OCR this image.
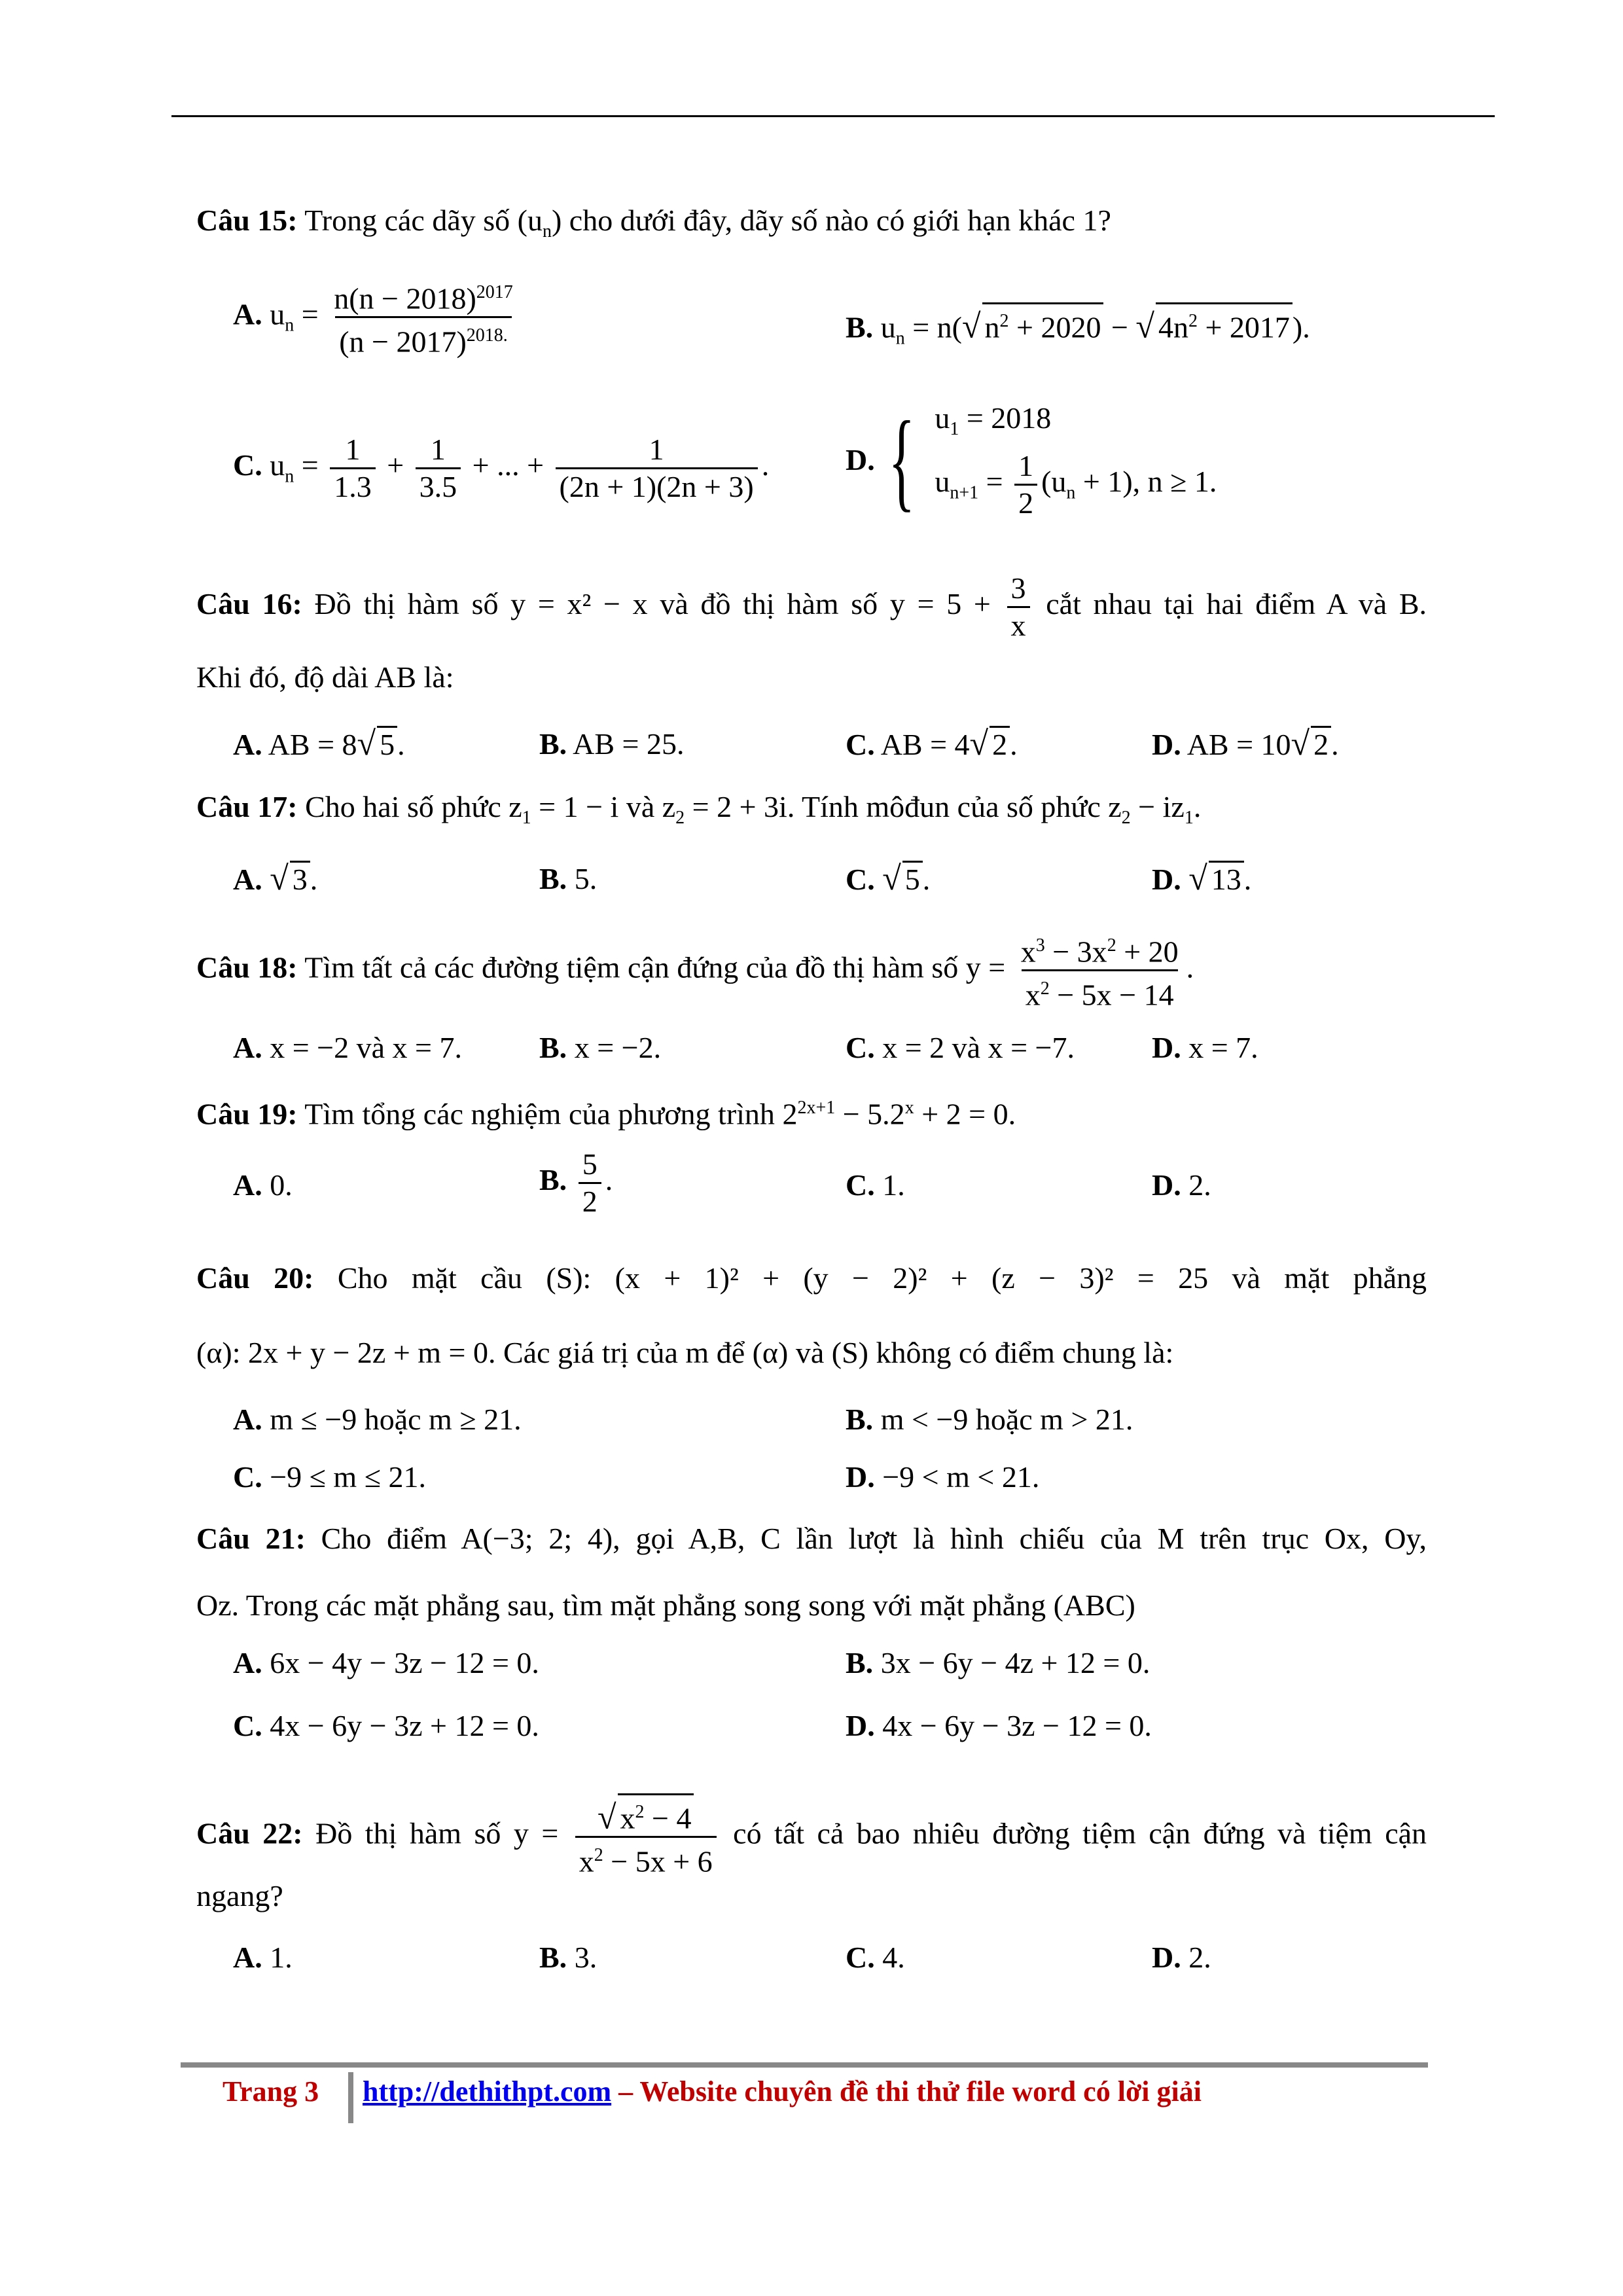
Câu 15: Trong các dãy số $(u_n)$ cho dưới đây, dãy số nào có giới hạn khác 1?
A. $u_n = \frac{n(n - 2018)^{2017}}{(n - 2017)^{2018.}}$	B. $u_n = n(√$ $n^2 + 2020$ − √ $4n^2 + 2017$).
C. $u_n = \frac{1}{1.3} + \frac{1}{3.5}$ + ... + $\frac{1}{(2n + 1)(2n + 3)}$ .	D. { $u_1 = 2018$
$u_{n+1} = \frac{1}{2} (u_n + 1)$, n ≥ 1.
Câu 16: Đồ thị hàm số y = x² − x và đồ thị hàm số $y = 5 + \frac{3}{x}$ cắt nhau tại hai điểm A và B.
Khi đó, độ dài AB là:
A. AB = 8√ 5.	B. AB = 25.	C. AB = 4√ 2.	D. AB = 10√ 2.
Câu 17: Cho hai số phức $z_1 = 1 - i$ và $z_2 = 2 + 3i$. Tính môđun của số phức $z_2 - iz_1$.
A. √ 3.	B. 5.	C. √ 5.	D. √ 13.
Câu 18: Tìm tất cả các đường tiệm cận đứng của đồ thị hàm số $y = \frac{x^3 - 3x^2 + 20}{x^2 - 5x - 14}$ .
A. x = −2 và x = 7.	B. x = −2.	C. x = 2 và x = −7.	D. x = 7.
Câu 19: Tìm tổng các nghiệm của phương trình $2^{2x+1} - 5.2^x + 2 = 0$.
A. 0.	B. $\frac{5}{2}$ .	C. 1.	D. 2.
Câu 20: Cho mặt cầu (S): (x + 1)² + (y − 2)² + (z − 3)² = 25 và mặt phẳng
(α): 2x + y − 2z + m = 0. Các giá trị của m để (α) và (S) không có điểm chung là:
A. m ≤ −9 hoặc m ≥ 21.	B. m < −9 hoặc m > 21.
C. −9 ≤ m ≤ 21.	D. −9 < m < 21.
Câu 21: Cho điểm A(−3; 2; 4), gọi A,B, C lần lượt là hình chiếu của M trên trục Ox, Oy,
Oz. Trong các mặt phẳng sau, tìm mặt phẳng song song với mặt phẳng (ABC)
A. 6x − 4y − 3z − 12 = 0.	B. 3x − 6y − 4z + 12 = 0.
C. 4x − 6y − 3z + 12 = 0.	D. 4x − 6y − 3z − 12 = 0.
Câu 22: Đồ thị hàm số $y = \frac{√ x^2 - 4}{x^2 - 5x + 6}$ có tất cả bao nhiêu đường tiệm cận đứng và tiệm cận
ngang?
A. 1.	B. 3.	C. 4.	D. 2.
Trang 3 http://dethithpt.com – Website chuyên đề thi thử file word có lời giải
